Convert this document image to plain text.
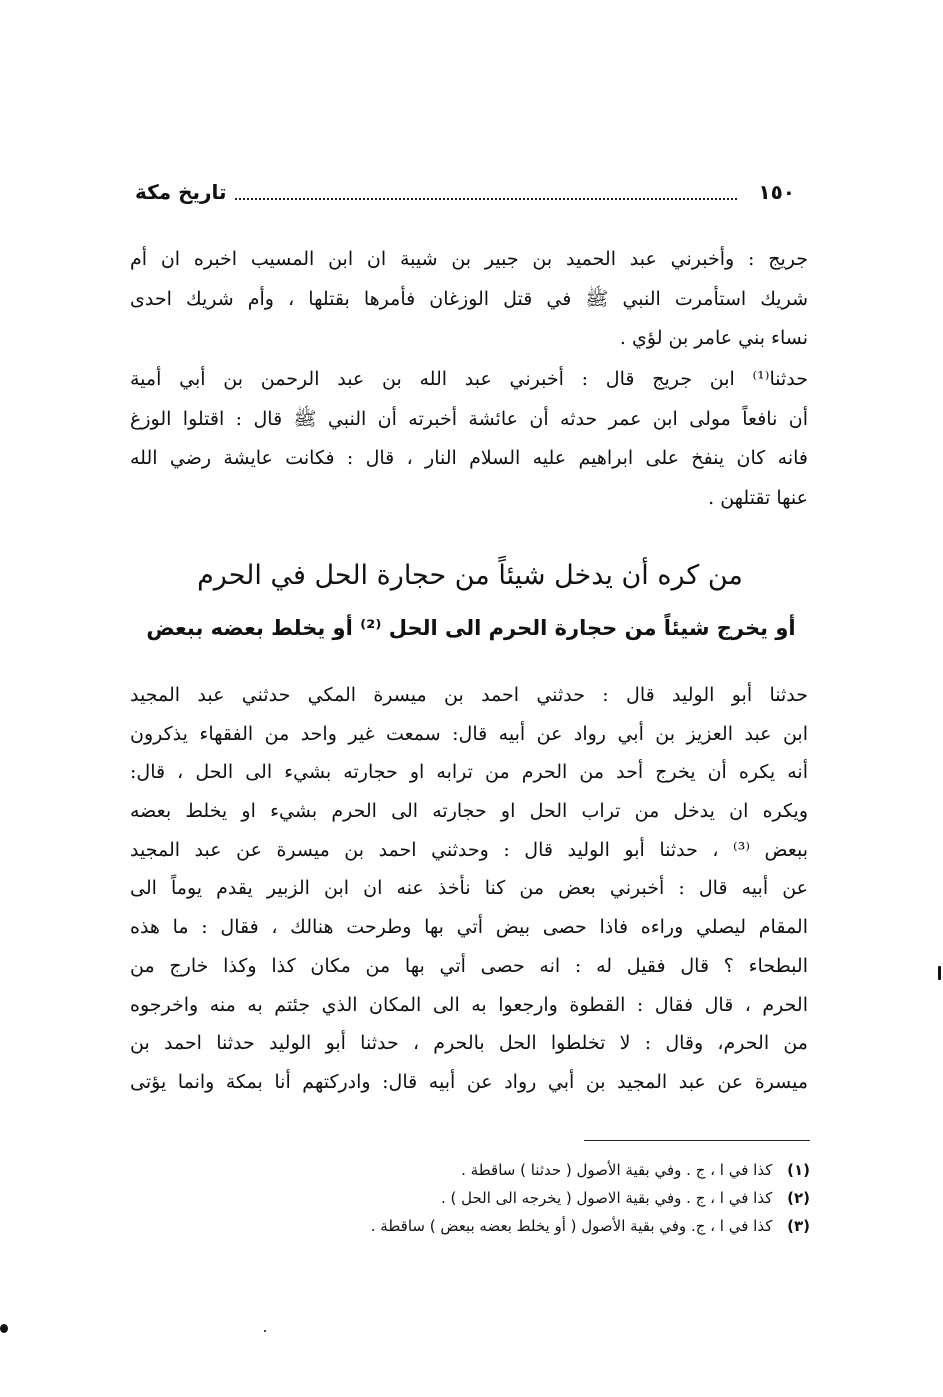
١٥٠
تاريخ مكة
جريج : وأخبرني عبد الحميد بن جبير بن شيبة ان ابن المسيب اخبره ان أم
شريك استأمرت النبي ﷺ في قتل الوزغان فأمرها بقتلها ، وأم شريك احدى
نساء بني عامر بن لؤي .
حدثنا⁽¹⁾ ابن جريج قال : أخبرني عبد الله بن عبد الرحمن بن أبي أمية
أن نافعاً مولى ابن عمر حدثه أن عائشة أخبرته أن النبي ﷺ قال : اقتلوا الوزغ
فانه كان ينفخ على ابراهيم عليه السلام النار ، قال : فكانت عايشة رضي الله
عنها تقتلهن .
من كره أن يدخل شيئاً من حجارة الحل في الحرم
أو يخرج شيئاً من حجارة الحرم الى الحل ⁽²⁾ أو يخلط بعضه ببعض
حدثنا أبو الوليد قال : حدثني احمد بن ميسرة المكي حدثني عبد المجيد
ابن عبد العزيز بن أبي رواد عن أبيه قال: سمعت غير واحد من الفقهاء يذكرون
أنه يكره أن يخرج أحد من الحرم من ترابه او حجارته بشيء الى الحل ، قال:
ويكره ان يدخل من تراب الحل او حجارته الى الحرم بشيء او يخلط بعضه
ببعض ⁽³⁾ ، حدثنا أبو الوليد قال : وحدثني احمد بن ميسرة عن عبد المجيد
عن أبيه قال : أخبرني بعض من كنا نأخذ عنه ان ابن الزبير يقدم يوماً الى
المقام ليصلي وراءه فاذا حصى بيض أتي بها وطرحت هنالك ، فقال : ما هذه
البطحاء ؟ قال فقيل له : انه حصى أتي بها من مكان كذا وكذا خارج من
الحرم ، قال فقال : القطوة وارجعوا به الى المكان الذي جئتم به منه واخرجوه
من الحرم، وقال : لا تخلطوا الحل بالحرم ، حدثنا أبو الوليد حدثنا احمد بن
ميسرة عن عبد المجيد بن أبي رواد عن أبيه قال: وادركتهم أنا بمكة وانما يؤتى
(١) كذا في ا ، ج . وفي بقية الأصول ( حدثنا ) ساقطة .
(٢) كذا في ا ، ج . وفي بقية الاصول ( يخرجه الى الحل ) .
(٣) كذا في ا ، ج. وفي بقية الأصول ( أو يخلط بعضه ببعض ) ساقطة .
